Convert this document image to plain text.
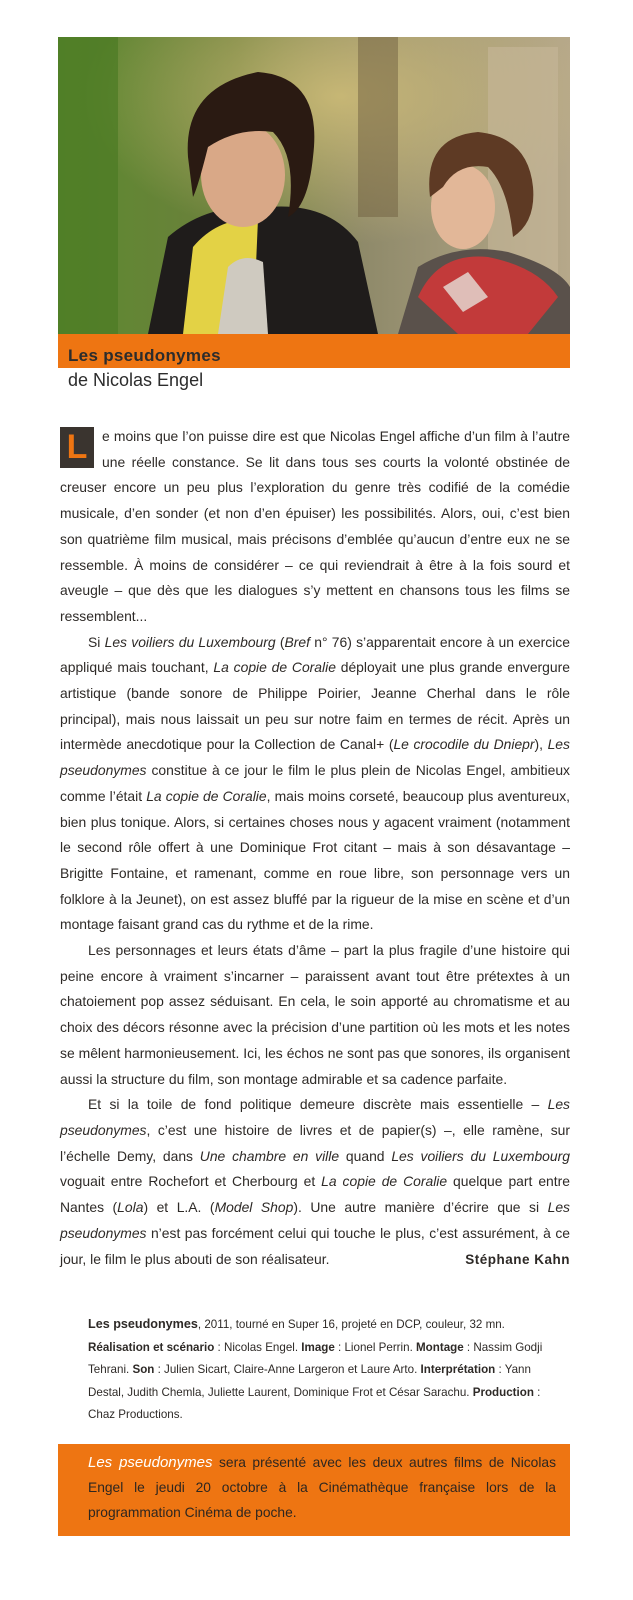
Les pseudonymes
de Nicolas Engel

L	e moins que l’on puisse dire est que Nicolas Engel affiche d’un film à l’autre une réelle constance. Se lit dans tous ses courts la volonté obstinée de creuser encore un peu plus l’exploration du genre très codifié de la comédie musicale, d’en sonder (et non d’en épuiser) les possibilités. Alors, oui, c’est bien son quatrième film musical, mais précisons d’emblée qu’aucun d’entre eux ne se ressemble. À moins de considérer – ce qui reviendrait à être à la fois sourd et aveugle – que dès que les dialogues s’y mettent en chansons tous les films se ressemblent...

Si Les voiliers du Luxembourg (Bref n° 76) s’apparentait encore à un exercice appliqué mais touchant, La copie de Coralie déployait une plus grande envergure artistique (bande sonore de Philippe Poirier, Jeanne Cherhal dans le rôle principal), mais nous laissait un peu sur notre faim en termes de récit. Après un intermède anecdotique pour la Collection de Canal+ (Le crocodile du Dniepr), Les pseudonymes constitue à ce jour le film le plus plein de Nicolas Engel, ambitieux comme l’était La copie de Coralie, mais moins corseté, beaucoup plus aventureux, bien plus tonique. Alors, si certaines choses nous y agacent vraiment (notamment le second rôle offert à une Dominique Frot citant – mais à son désavantage – Brigitte Fontaine, et ramenant, comme en roue libre, son personnage vers un folklore à la Jeunet), on est assez bluffé par la rigueur de la mise en scène et d’un montage faisant grand cas du rythme et de la rime.

Les personnages et leurs états d’âme – part la plus fragile d’une histoire qui peine encore à vraiment s’incarner – paraissent avant tout être prétextes à un chatoiement pop assez séduisant. En cela, le soin apporté au chromatisme et au choix des décors résonne avec la précision d’une partition où les mots et les notes se mêlent harmonieusement. Ici, les échos ne sont pas que sonores, ils organisent aussi la structure du film, son montage admirable et sa cadence parfaite.

Et si la toile de fond politique demeure discrète mais essentielle – Les pseudonymes, c’est une histoire de livres et de papier(s) –, elle ramène, sur l’échelle Demy, dans Une chambre en ville quand Les voiliers du Luxembourg voguait entre Rochefort et Cherbourg et La copie de Coralie quelque part entre Nantes (Lola) et L.A. (Model Shop). Une autre manière d’écrire que si Les pseudonymes n’est pas forcément celui qui touche le plus, c’est assurément, à ce jour, le film le plus abouti de son réalisateur.	Stéphane Kahn

Les pseudonymes, 2011, tourné en Super 16, projeté en DCP, couleur, 32 mn.
Réalisation et scénario : Nicolas Engel. Image : Lionel Perrin. Montage : Nassim Godji Tehrani. Son : Julien Sicart, Claire-Anne Largeron et Laure Arto. Interprétation : Yann Destal, Judith Chemla, Juliette Laurent, Dominique Frot et César Sarachu. Production : Chaz Productions.
Les pseudonymes sera présenté avec les deux autres films de Nicolas Engel le jeudi 20 octobre à la Cinémathèque française lors de la programmation Cinéma de poche.
